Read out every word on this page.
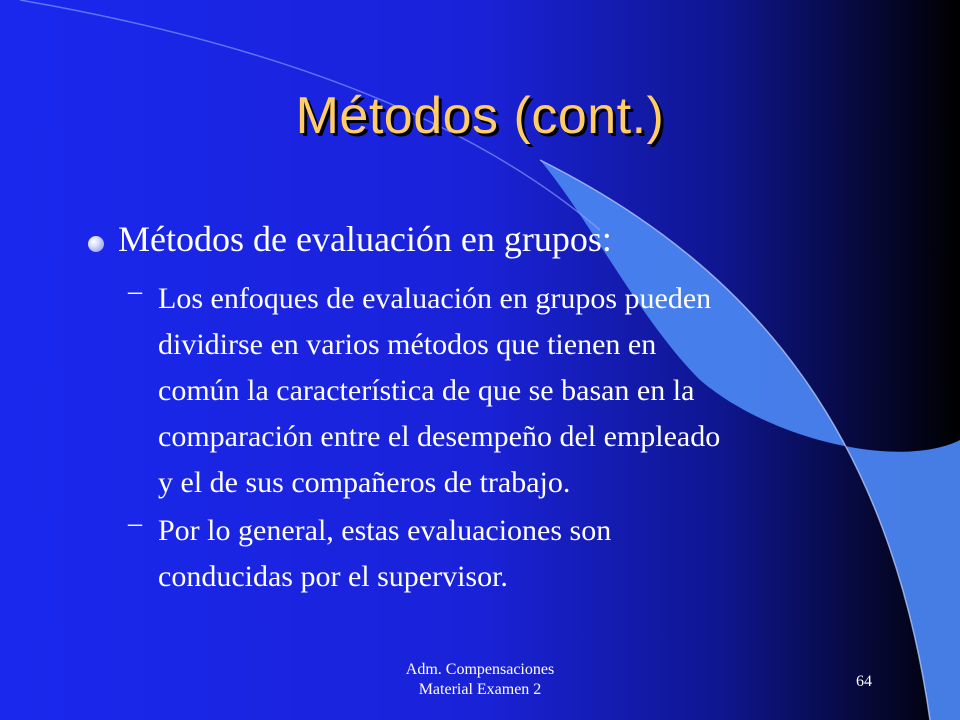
Métodos (cont.)
Métodos de evaluación en grupos:
– Los enfoques de evaluación en grupos pueden
dividirse en varios métodos que tienen en
común la característica de que se basan en la
comparación entre el desempeño del empleado
y el de sus compañeros de trabajo.
– Por lo general, estas evaluaciones son
conducidas por el supervisor.
Adm. Compensaciones
Material Examen 2	64
